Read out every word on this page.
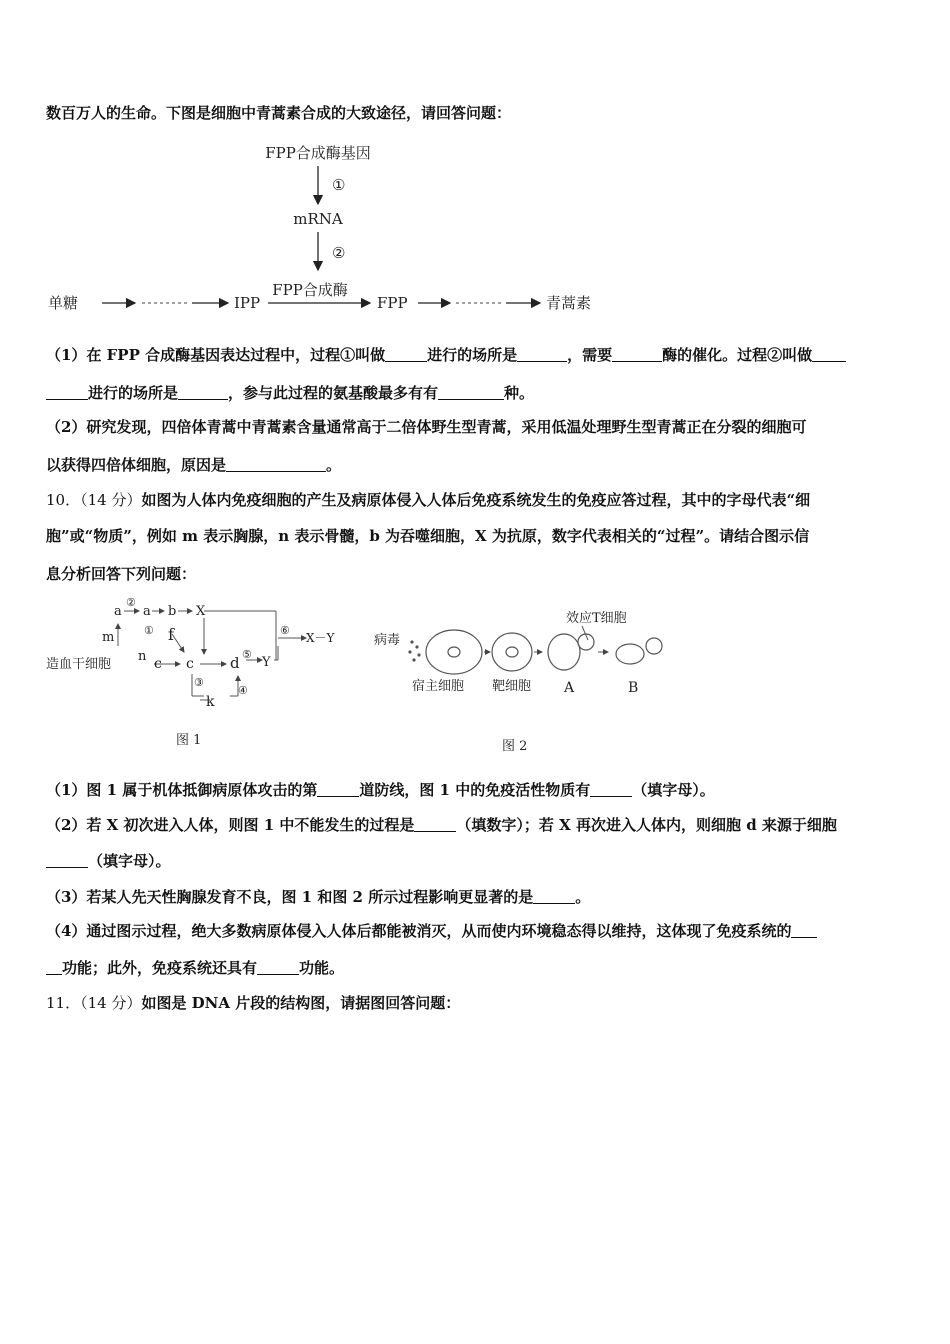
数百万人的生命。下图是细胞中青蒿素合成的大致途径，请回答问题：
FPP合成酶基因
①
mRNA
②
单糖	IPP
FPP合成酶
FPP	青蒿素
（1）在 FPP 合成酶基因表达过程中，过程①叫做	进行的场所是	，需要	酶的催化。过程②叫做
进行的场所是	，参与此过程的氨基酸最多有有	种。
（2）研究发现，四倍体青蒿中青蒿素含量通常高于二倍体野生型青蒿，采用低温处理野生型青蒿正在分裂的细胞可
以获得四倍体细胞，原因是	。
10．（14 分）如图为人体内免疫细胞的产生及病原体侵入人体后免疫系统发生的免疫应答过程，其中的字母代表“细
胞”或“物质”，例如 m 表示胸腺，n 表示骨髓，b 为吞噬细胞，X 为抗原，数字代表相关的“过程”。请结合图示信
息分析回答下列问题：
a
②
a b X
① f
m	⑥
X－Y
造血干细胞
n c c d ⑤
Y
③
④
k
图 1
效应T细胞
病毒
宿主细胞 靶细胞 A	B
图 2
（1）图 1 属于机体抵御病原体攻击的第	道防线，图 1 中的免疫活性物质有	（填字母）。
（2）若 X 初次进入人体，则图 1 中不能发生的过程是	（填数字）；若 X 再次进入人体内，则细胞 d 来源于细胞
（填字母）。
（3）若某人先天性胸腺发育不良，图 1 和图 2 所示过程影响更显著的是	。
（4）通过图示过程，绝大多数病原体侵入人体后都能被消灭，从而使内环境稳态得以维持，这体现了免疫系统的
功能；此外，免疫系统还具有	功能。
11．（14 分）如图是 DNA 片段的结构图，请据图回答问题：
